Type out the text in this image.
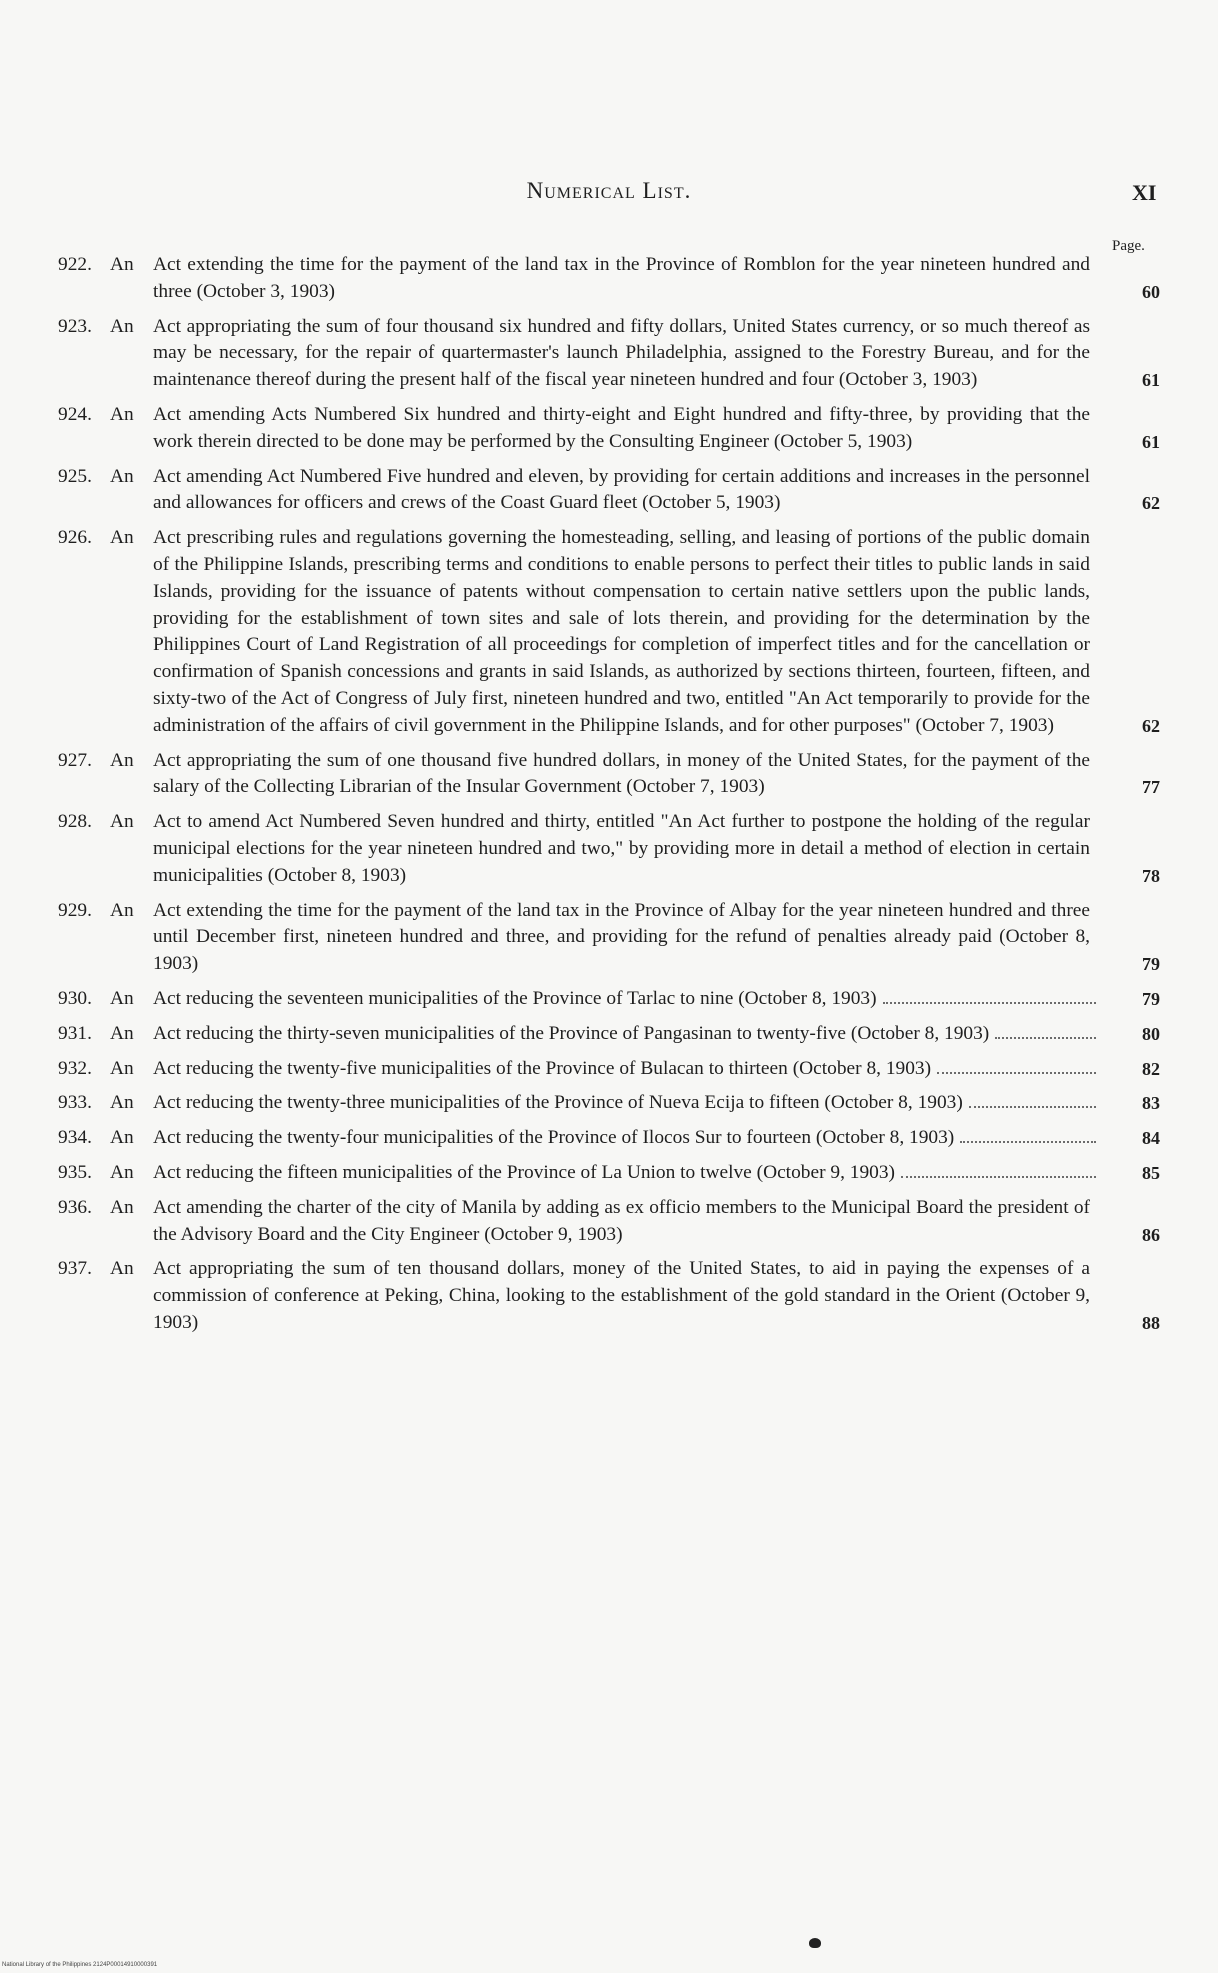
Numerical List.	XI
Page.
922. An Act extending the time for the payment of the land tax in the Province of Romblon for the year nineteen hundred and three (October 3, 1903)	60
923. An Act appropriating the sum of four thousand six hundred and fifty dollars, United States currency, or so much thereof as may be necessary, for the repair of quartermaster's launch Philadelphia, assigned to the Forestry Bureau, and for the maintenance thereof during the present half of the fiscal year nineteen hundred and four (October 3, 1903)	61
924. An Act amending Acts Numbered Six hundred and thirty-eight and Eight hundred and fifty-three, by providing that the work therein directed to be done may be performed by the Consulting Engineer (October 5, 1903)	61
925. An Act amending Act Numbered Five hundred and eleven, by providing for certain additions and increases in the personnel and allowances for officers and crews of the Coast Guard fleet (October 5, 1903)	62
926. An Act prescribing rules and regulations governing the homesteading, selling, and leasing of portions of the public domain of the Philippine Islands, prescribing terms and conditions to enable persons to perfect their titles to public lands in said Islands, providing for the issuance of patents without compensation to certain native settlers upon the public lands, providing for the establishment of town sites and sale of lots therein, and providing for the determination by the Philippines Court of Land Registration of all proceedings for completion of imperfect titles and for the cancellation or confirmation of Spanish concessions and grants in said Islands, as authorized by sections thirteen, fourteen, fifteen, and sixty-two of the Act of Congress of July first, nineteen hundred and two, entitled "An Act temporarily to provide for the administration of the affairs of civil government in the Philippine Islands, and for other purposes" (October 7, 1903)	62
927. An Act appropriating the sum of one thousand five hundred dollars, in money of the United States, for the payment of the salary of the Collecting Librarian of the Insular Government (October 7, 1903)	77
928. An Act to amend Act Numbered Seven hundred and thirty, entitled "An Act further to postpone the holding of the regular municipal elections for the year nineteen hundred and two," by providing more in detail a method of election in certain municipalities (October 8, 1903)	78
929. An Act extending the time for the payment of the land tax in the Province of Albay for the year nineteen hundred and three until December first, nineteen hundred and three, and providing for the refund of penalties already paid (October 8, 1903)	79
930. An Act reducing the seventeen municipalities of the Province of Tarlac to nine (October 8, 1903)	79
931. An Act reducing the thirty-seven municipalities of the Province of Pangasinan to twenty-five (October 8, 1903)	80
932. An Act reducing the twenty-five municipalities of the Province of Bulacan to thirteen (October 8, 1903)	82
933. An Act reducing the twenty-three municipalities of the Province of Nueva Ecija to fifteen (October 8, 1903)	83
934. An Act reducing the twenty-four municipalities of the Province of Ilocos Sur to fourteen (October 8, 1903)	84
935. An Act reducing the fifteen municipalities of the Province of La Union to twelve (October 9, 1903)	85
936. An Act amending the charter of the city of Manila by adding as ex officio members to the Municipal Board the president of the Advisory Board and the City Engineer (October 9, 1903)	86
937. An Act appropriating the sum of ten thousand dollars, money of the United States, to aid in paying the expenses of a commission of conference at Peking, China, looking to the establishment of the gold standard in the Orient (October 9, 1903)	88
National Library of the Philippines 2124P00014910000391
